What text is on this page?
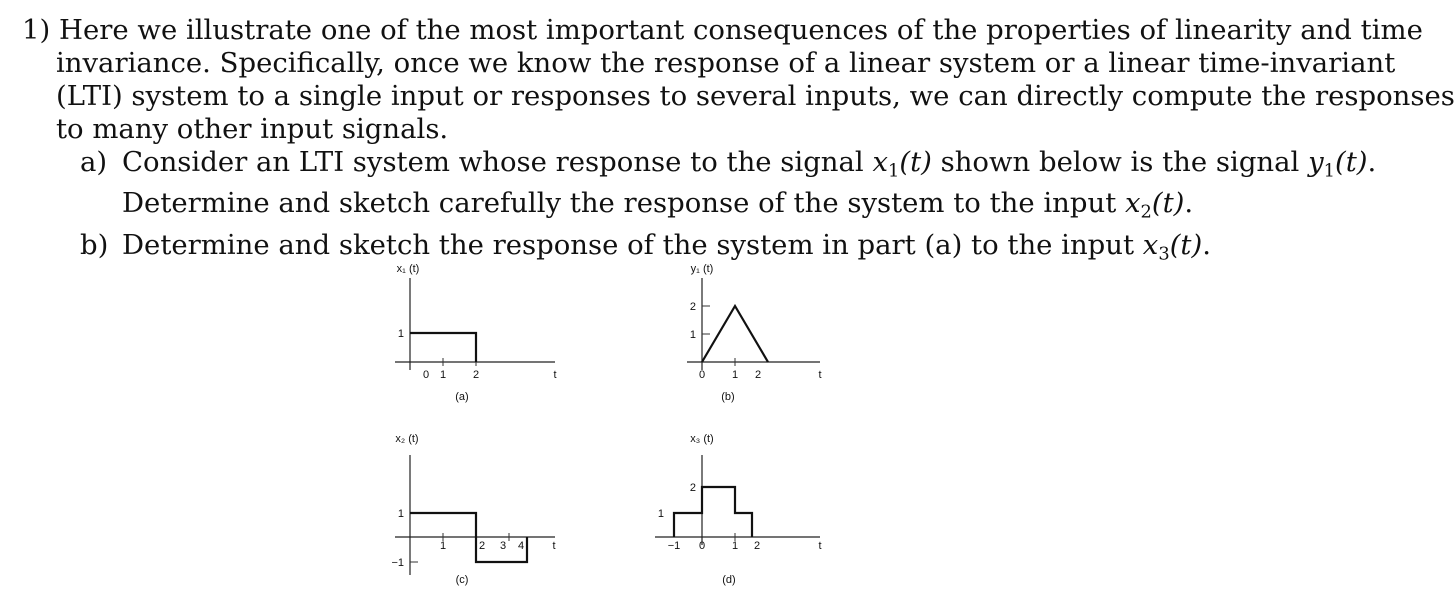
1) Here we illustrate one of the most important consequences of the properties of linearity and time
invariance. Specifically, once we know the response of a linear system or a linear time-invariant
(LTI) system to a single input or responses to several inputs, we can directly compute the responses
to many other input signals.
a) Consider an LTI system whose response to the signal x1(t) shown below is the signal y1(t).
Determine and sketch carefully the response of the system to the input x2(t).
b) Determine and sketch the response of the system in part (a) to the input x3(t).
x₁ (t)
1
0 1 2	t
(a)
y₁ (t)
2
1
0 1 2	t
(b)
x₂ (t)
1
−1
1	2 3 4	t
(c)
x₃ (t)
2
1
−1 0 1 2	t
(d)
